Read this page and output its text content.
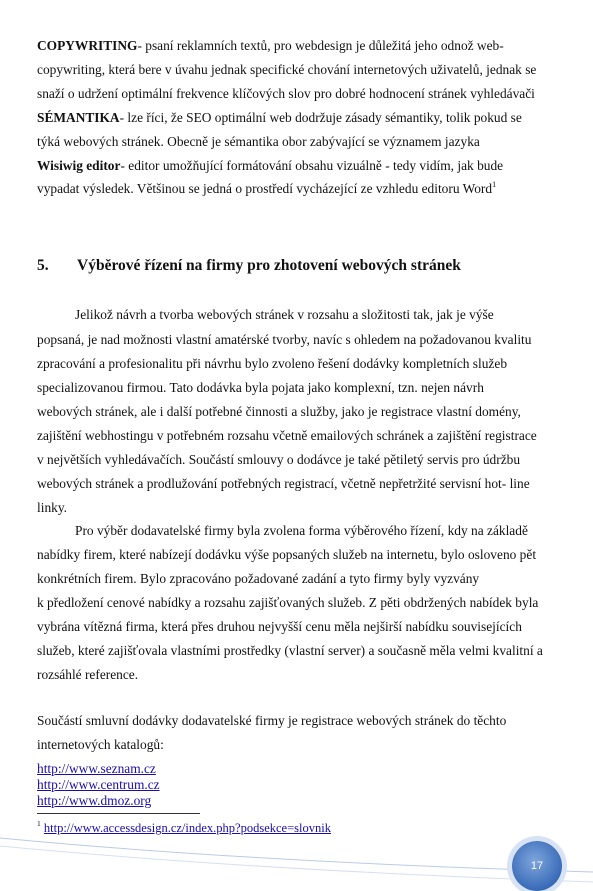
COPYWRITING- psaní reklamních textů, pro webdesign je důležitá jeho odnož web-
copywriting, která bere v úvahu jednak specifické chování internetových uživatelů, jednak se
snaží o udržení optimální frekvence klíčových slov pro dobré hodnocení stránek vyhledávači
SÉMANTIKA- lze říci, že SEO optimální web dodržuje zásady sémantiky, tolik pokud se
týká webových stránek. Obecně je sémantika obor zabývající se významem jazyka
Wisiwig editor- editor umožňující formátování obsahu vizuálně - tedy vidím, jak bude
vypadat výsledek. Většinou se jedná o prostředí vycházející ze vzhledu editoru Word$^1$
5. Výběrové řízení na firmy pro zhotovení webových stránek
Jelikož návrh a tvorba webových stránek v rozsahu a složitosti tak, jak je výše
popsaná, je nad možnosti vlastní amatérské tvorby, navíc s ohledem na požadovanou kvalitu
zpracování a profesionalitu při návrhu bylo zvoleno řešení dodávky kompletních služeb
specializovanou firmou. Tato dodávka byla pojata jako komplexní, tzn. nejen návrh
webových stránek, ale i další potřebné činnosti a služby, jako je registrace vlastní domény,
zajištění webhostingu v potřebném rozsahu včetně emailových schránek a zajištění registrace
v největších vyhledávačích. Součástí smlouvy o dodávce je také pětiletý servis pro údržbu
webových stránek a prodlužování potřebných registrací, včetně nepřetržité servisní hot- line
linky.
Pro výběr dodavatelské firmy byla zvolena forma výběrového řízení, kdy na základě
nabídky firem, které nabízejí dodávku výše popsaných služeb na internetu, bylo osloveno pět
konkrétních firem. Bylo zpracováno požadované zadání a tyto firmy byly vyzvány
k předložení cenové nabídky a rozsahu zajišťovaných služeb. Z pěti obdržených nabídek byla
vybrána vítězná firma, která přes druhou nejvyšší cenu měla nejširší nabídku souvisejících
služeb, které zajišťovala vlastními prostředky (vlastní server) a současně měla velmi kvalitní a
rozsáhlé reference.
Součástí smluvní dodávky dodavatelské firmy je registrace webových stránek do těchto
internetových katalogů:
http://www.seznam.cz
http://www.centrum.cz
http://www.dmoz.org
$^1$ http://www.accessdesign.cz/index.php?podsekce=slovnik
17
